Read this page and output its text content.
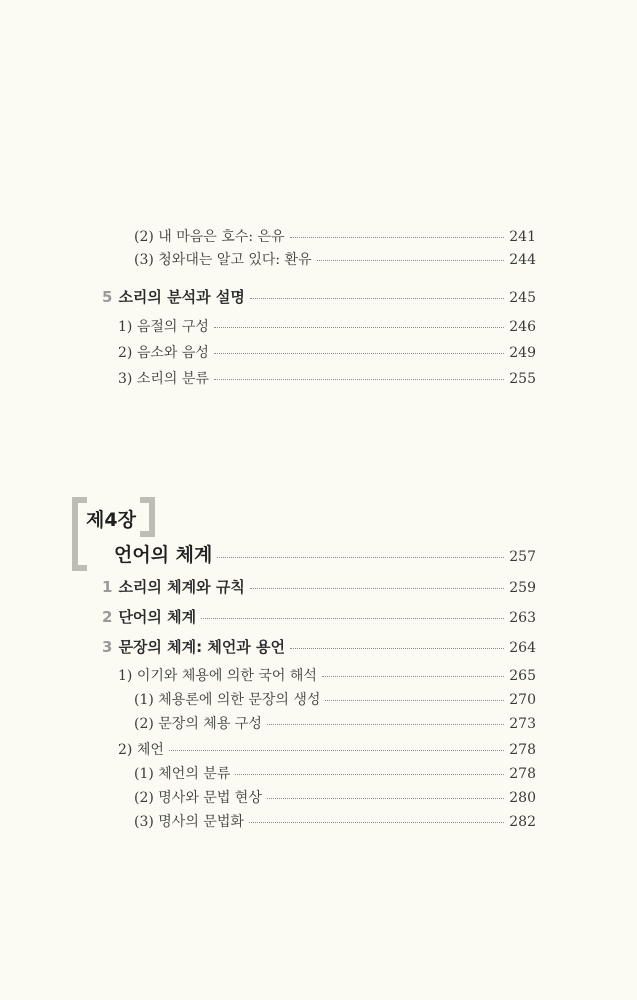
(2) 내 마음은 호수: 은유	241
(3) 청와대는 알고 있다: 환유	244
5 소리의 분석과 설명	245
1) 음절의 구성	246
2) 음소와 음성	249
3) 소리의 분류	255
제4장
언어의 체계	257
1 소리의 체계와 규칙	259
2 단어의 체계	263
3 문장의 체계: 체언과 용언	264
1) 이기와 체용에 의한 국어 해석	265
(1) 체용론에 의한 문장의 생성	270
(2) 문장의 체용 구성	273
2) 체언	278
(1) 체언의 분류	278
(2) 명사와 문법 현상	280
(3) 명사의 문법화	282
